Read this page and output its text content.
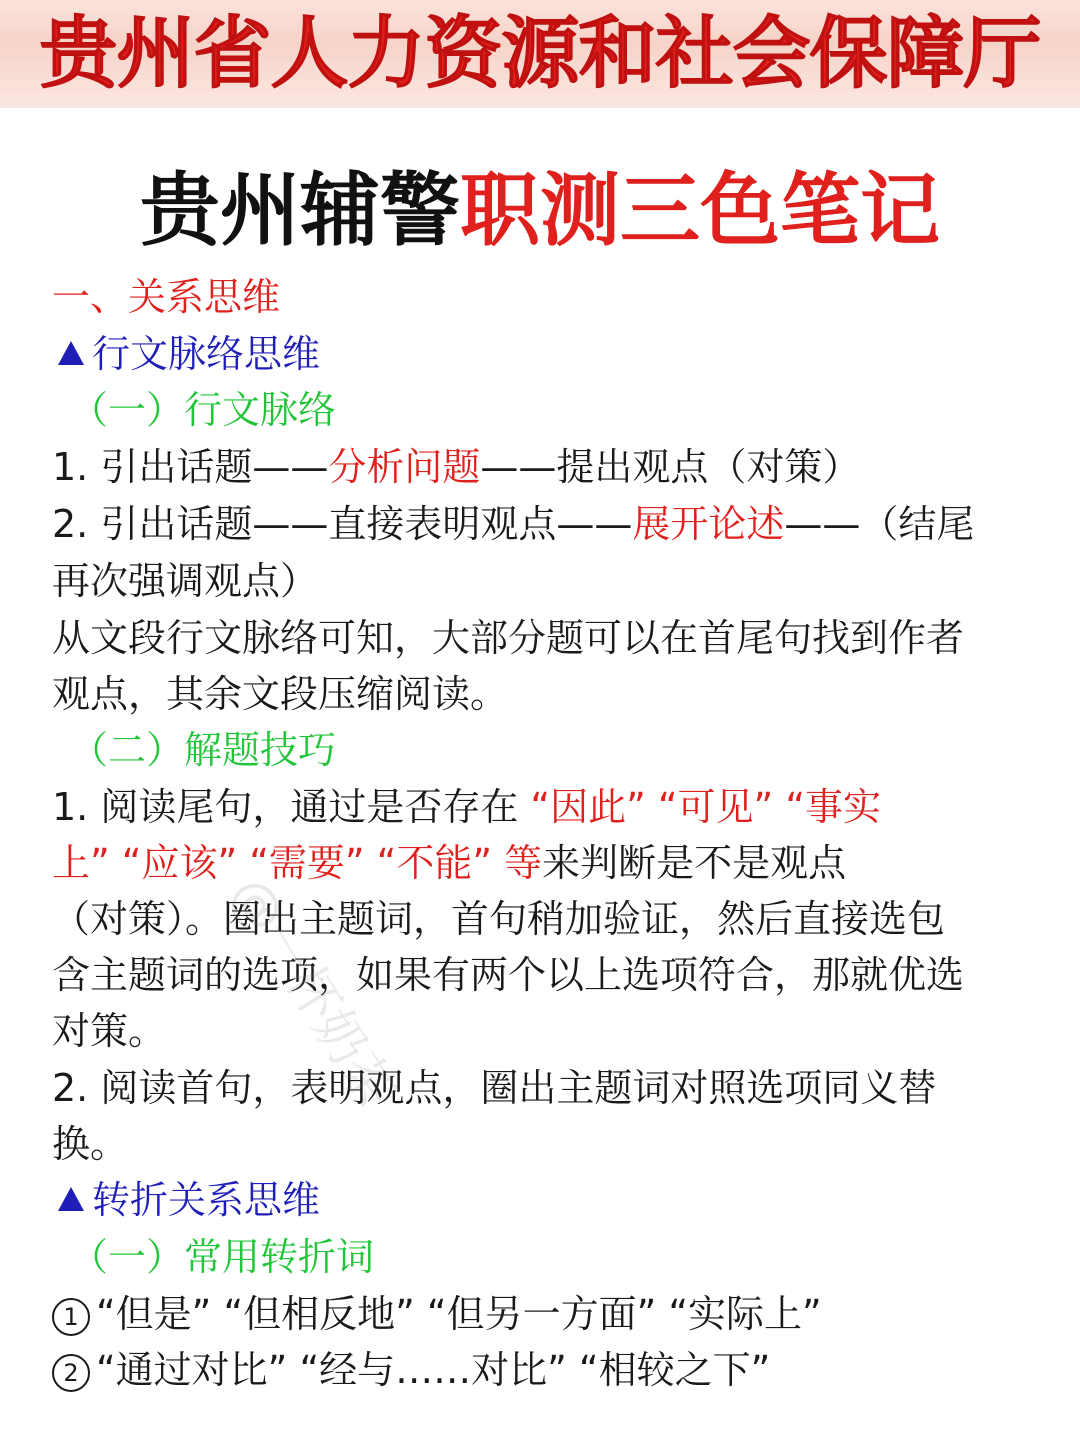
贵州省人力资源和社会保障厅
贵州辅警职测三色笔记
一、关系思维
行文脉络思维
（一）行文脉络
1. 引出话题——分析问题——提出观点（对策）
2. 引出话题——直接表明观点——展开论述——（结尾
再次强调观点）
从文段行文脉络可知，大部分题可以在首尾句找到作者
观点，其余文段压缩阅读。
（二）解题技巧
1. 阅读尾句，通过是否存在 “因此” “可见” “事实
上” “应该” “需要” “不能” 等来判断是不是观点
（对策）。圈出主题词，首句稍加验证，然后直接选包
含主题词的选项，如果有两个以上选项符合，那就优选
对策。
2. 阅读首句，表明观点，圈出主题词对照选项同义替
换。
转折关系思维
（一）常用转折词
1 “但是” “但相反地” “但另一方面” “实际上”
2 “通过对比” “经与……对比” “相较之下”
@一杯奶茶
